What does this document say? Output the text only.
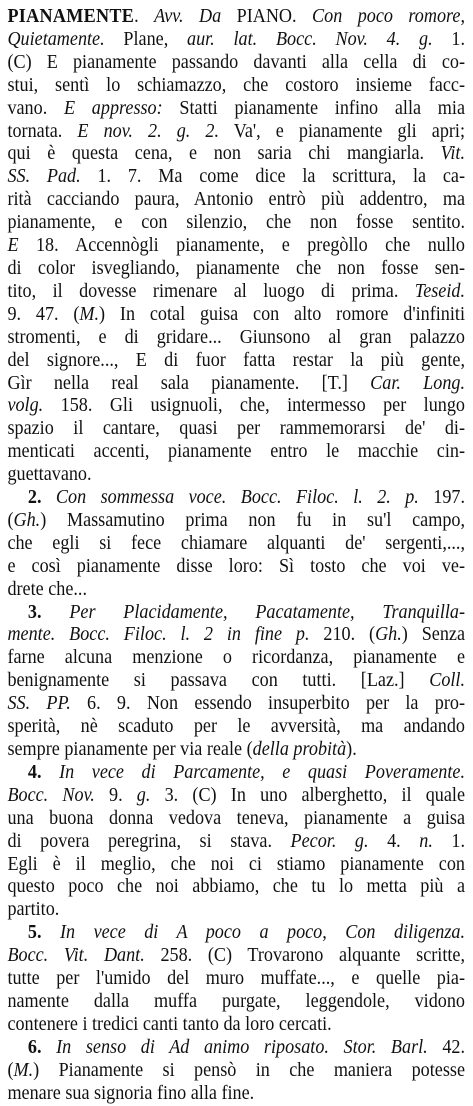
PIANAMENTE. Avv. Da PIANO. Con poco romore,
Quietamente. Plane, aur. lat. Bocc. Nov. 4. g. 1.
(C) E pianamente passando davanti alla cella di co-
stui, sentì lo schiamazzo, che costoro insieme facc-
vano. E appresso: Statti pianamente infino alla mia
tornata. E nov. 2. g. 2. Va', e pianamente gli apri;
qui è questa cena, e non saria chi mangiarla. Vit.
SS. Pad. 1. 7. Ma come dice la scrittura, la ca-
rità cacciando paura, Antonio entrò più addentro, ma
pianamente, e con silenzio, che non fosse sentito.
E 18. Accennògli pianamente, e pregòllo che nullo
di color isvegliando, pianamente che non fosse sen-
tito, il dovesse rimenare al luogo di prima. Teseid.
9. 47. (M.) In cotal guisa con alto romore d'infiniti
stromenti, e di gridare... Giunsono al gran palazzo
del signore..., E di fuor fatta restar la più gente,
Gìr nella real sala pianamente. [T.] Car. Long.
volg. 158. Gli usignuoli, che, intermesso per lungo
spazio il cantare, quasi per rammemorarsi de' di-
menticati accenti, pianamente entro le macchie cin-
guettavano.
2. Con sommessa voce. Bocc. Filoc. l. 2. p. 197.
(Gh.) Massamutino prima non fu in su'l campo,
che egli si fece chiamare alquanti de' sergenti,...,
e così pianamente disse loro: Sì tosto che voi ve-
drete che...
3. Per Placidamente, Pacatamente, Tranquilla-
mente. Bocc. Filoc. l. 2 in fine p. 210. (Gh.) Senza
farne alcuna menzione o ricordanza, pianamente e
benignamente si passava con tutti. [Laz.] Coll.
SS. PP. 6. 9. Non essendo insuperbito per la pro-
sperità, nè scaduto per le avversità, ma andando
sempre pianamente per via reale (della probità).
4. In vece di Parcamente, e quasi Poveramente.
Bocc. Nov. 9. g. 3. (C) In uno alberghetto, il quale
una buona donna vedova teneva, pianamente a guisa
di povera peregrina, si stava. Pecor. g. 4. n. 1.
Egli è il meglio, che noi ci stiamo pianamente con
questo poco che noi abbiamo, che tu lo metta più a
partito.
5. In vece di A poco a poco, Con diligenza.
Bocc. Vit. Dant. 258. (C) Trovarono alquante scritte,
tutte per l'umido del muro muffate..., e quelle pia-
namente dalla muffa purgate, leggendole, vidono
contenere i tredici canti tanto da loro cercati.
6. In senso di Ad animo riposato. Stor. Barl. 42.
(M.) Pianamente si pensò in che maniera potesse
menare sua signoria fino alla fine.
